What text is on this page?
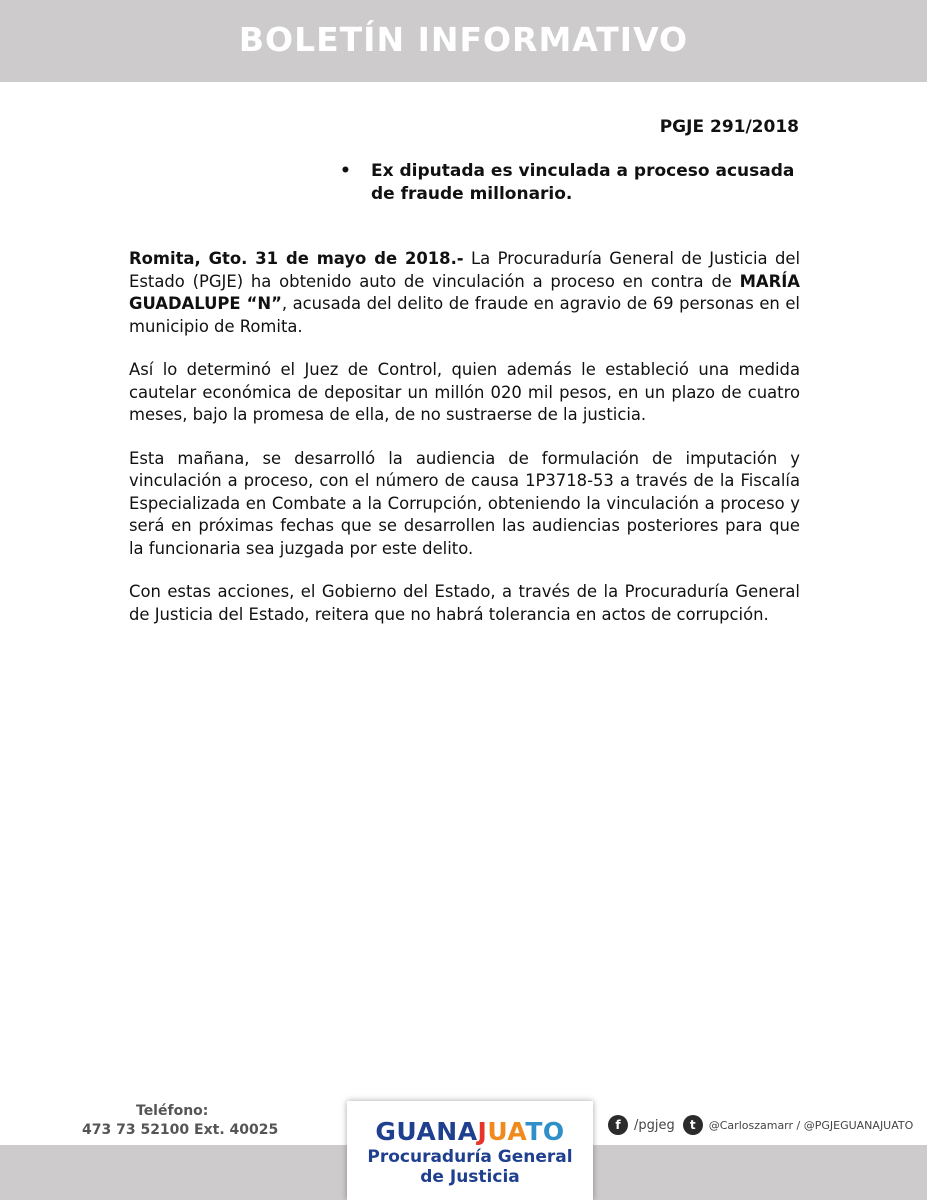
BOLETÍN INFORMATIVO
PGJE 291/2018
• Ex diputada es vinculada a proceso acusada de fraude millonario.

Romita, Gto. 31 de mayo de 2018.- La Procuraduría General de Justicia del Estado (PGJE) ha obtenido auto de vinculación a proceso en contra de MARÍA GUADALUPE “N”, acusada del delito de fraude en agravio de 69 personas en el municipio de Romita.

Así lo determinó el Juez de Control, quien además le estableció una medida cautelar económica de depositar un millón 020 mil pesos, en un plazo de cuatro meses, bajo la promesa de ella, de no sustraerse de la justicia.

Esta mañana, se desarrolló la audiencia de formulación de imputación y vinculación a proceso, con el número de causa 1P3718-53 a través de la Fiscalía Especializada en Combate a la Corrupción, obteniendo la vinculación a proceso y será en próximas fechas que se desarrollen las audiencias posteriores para que la funcionaria sea juzgada por este delito.

Con estas acciones, el Gobierno del Estado, a través de la Procuraduría General de Justicia del Estado, reitera que no habrá tolerancia en actos de corrupción.

Teléfono:
473 73 52100 Ext. 40025	GUANAJUATO
Procuraduría General
de Justicia
f	/pgjeg	t	@Carloszamarr / @PGJEGUANAJUATO
